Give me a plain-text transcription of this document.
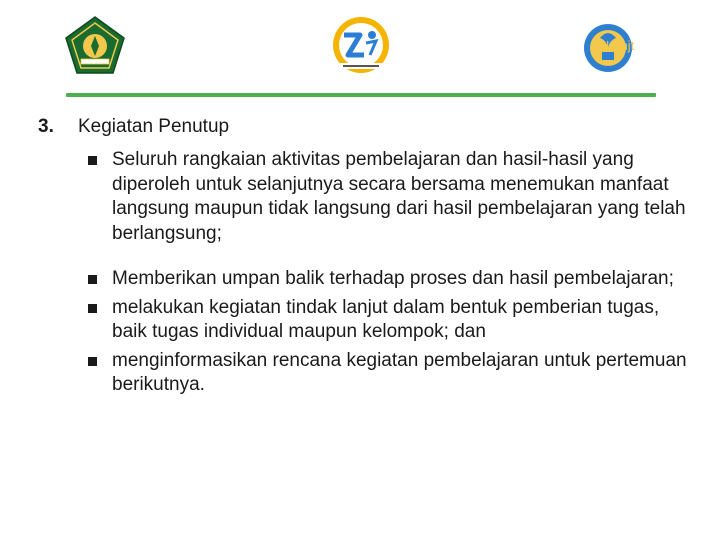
Lanjt
3.	Kegiatan Penutup
Seluruh rangkaian aktivitas pembelajaran dan hasil-hasil yang diperoleh untuk selanjutnya secara bersama menemukan manfaat langsung maupun tidak langsung dari hasil pembelajaran yang telah berlangsung;
Memberikan umpan balik terhadap proses dan hasil pembelajaran;
melakukan kegiatan tindak lanjut dalam bentuk pemberian tugas, baik tugas individual maupun kelompok; dan
menginformasikan rencana kegiatan pembelajaran untuk pertemuan berikutnya.
